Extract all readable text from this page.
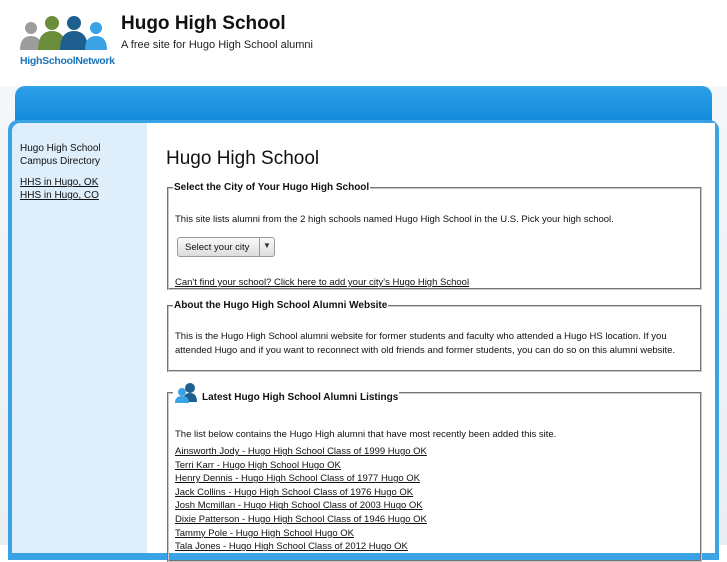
HighSchoolNetwork
Hugo High School
A free site for Hugo High School alumni
Hugo High School
Campus Directory
HHS in Hugo, OK
HHS in Hugo, CO
Hugo High School
Select the City of Your Hugo High School
This site lists alumni from the 2 high schools named Hugo High School in the U.S. Pick your high school.
Select your city ▼
Can't find your school? Click here to add your city's Hugo High School
About the Hugo High School Alumni Website
This is the Hugo High School alumni website for former students and faculty who attended a Hugo HS location. If you attended Hugo and if you want to reconnect with old friends and former students, you can do so on this alumni website.
Latest Hugo High School Alumni Listings
The list below contains the Hugo High alumni that have most recently been added this site.
Ainsworth Jody - Hugo High School Class of 1999 Hugo OK
Terri Karr - Hugo High School Hugo OK
Henry Dennis - Hugo High School Class of 1977 Hugo OK
Jack Collins - Hugo High School Class of 1976 Hugo OK
Josh Mcmillan - Hugo High School Class of 2003 Hugo OK
Dixie Patterson - Hugo High School Class of 1946 Hugo OK
Tammy Pole - Hugo High School Hugo OK
Tala Jones - Hugo High School Class of 2012 Hugo OK
